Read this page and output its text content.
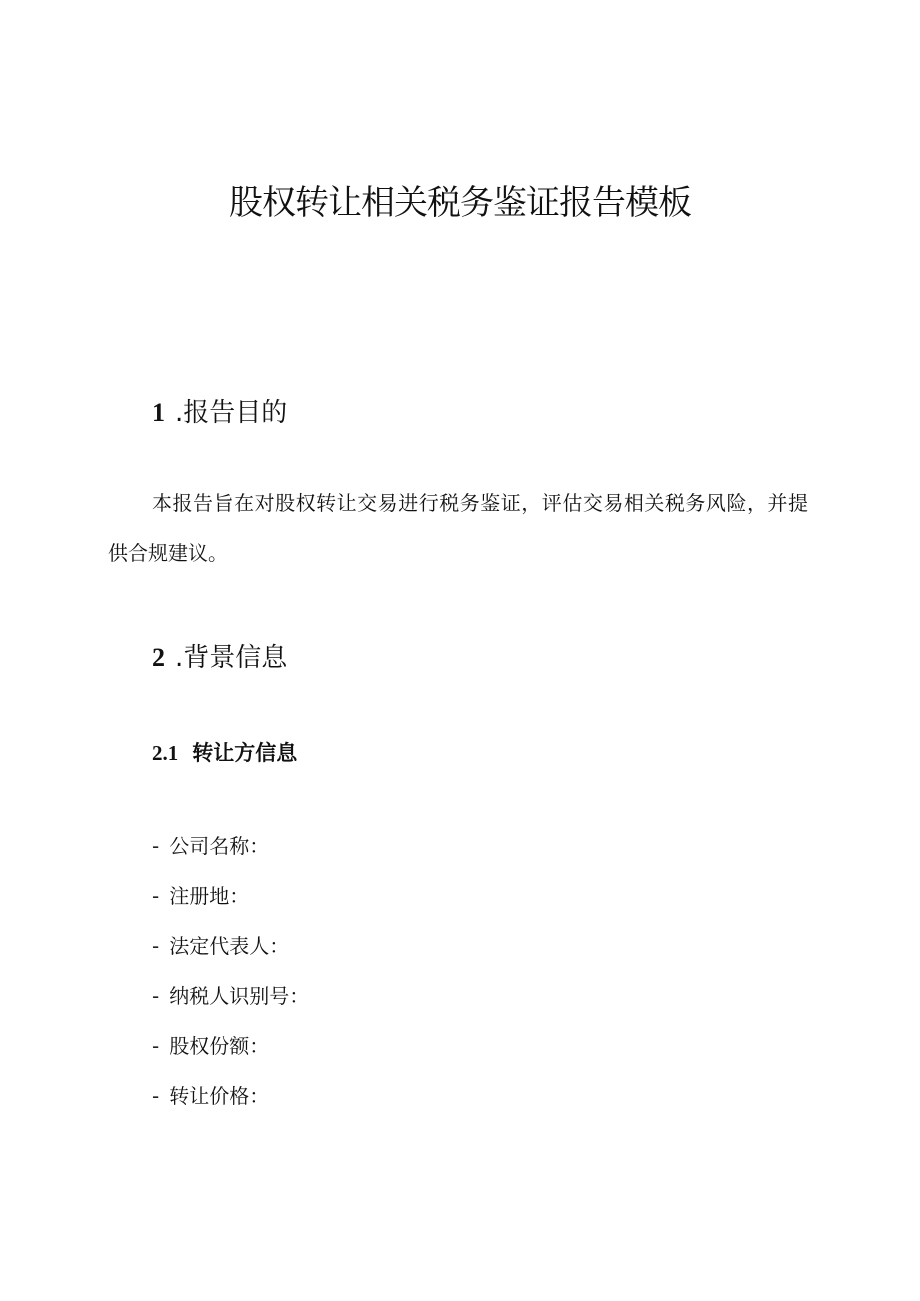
股权转让相关税务鉴证报告模板
1 .报告目的

本报告旨在对股权转让交易进行税务鉴证，评估交易相关税务风险，并提供合规建议。

2 .背景信息
2.1 转让方信息

- 公司名称：

- 注册地：

- 法定代表人：

- 纳税人识别号：

- 股权份额：

- 转让价格：
